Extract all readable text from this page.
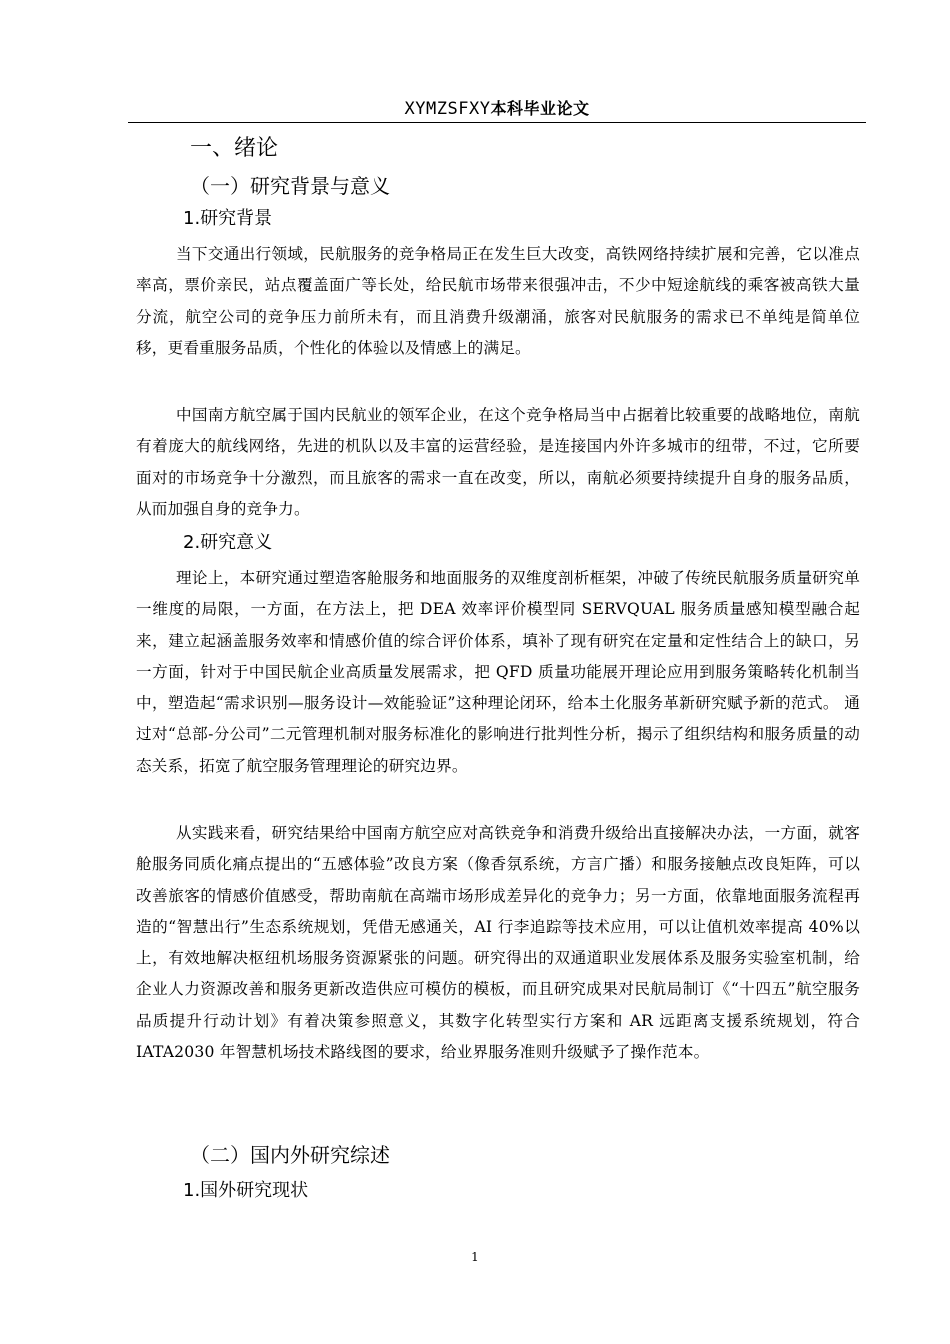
XYMZSFXY本科毕业论文
一、绪论
（一）研究背景与意义
1.研究背景

当下交通出行领域，民航服务的竞争格局正在发生巨大改变，高铁网络持续扩展和完善，它以准点率高，票价亲民，站点覆盖面广等长处，给民航市场带来很强冲击，不少中短途航线的乘客被高铁大量分流，航空公司的竞争压力前所未有，而且消费升级潮涌，旅客对民航服务的需求已不单纯是简单位移，更看重服务品质，个性化的体验以及情感上的满足。

中国南方航空属于国内民航业的领军企业，在这个竞争格局当中占据着比较重要的战略地位，南航有着庞大的航线网络，先进的机队以及丰富的运营经验，是连接国内外许多城市的纽带，不过，它所要面对的市场竞争十分激烈，而且旅客的需求一直在改变，所以，南航必须要持续提升自身的服务品质，从而加强自身的竞争力。

2.研究意义

理论上，本研究通过塑造客舱服务和地面服务的双维度剖析框架，冲破了传统民航服务质量研究单一维度的局限，一方面，在方法上，把 DEA 效率评价模型同 SERVQUAL 服务质量感知模型融合起来，建立起涵盖服务效率和情感价值的综合评价体系，填补了现有研究在定量和定性结合上的缺口，另一方面，针对于中国民航企业高质量发展需求，把 QFD 质量功能展开理论应用到服务策略转化机制当中，塑造起“需求识别—服务设计—效能验证”这种理论闭环，给本土化服务革新研究赋予新的范式。 通过对“总部-分公司”二元管理机制对服务标准化的影响进行批判性分析，揭示了组织结构和服务质量的动态关系，拓宽了航空服务管理理论的研究边界。

从实践来看，研究结果给中国南方航空应对高铁竞争和消费升级给出直接解决办法，一方面，就客舱服务同质化痛点提出的“五感体验”改良方案（像香氛系统，方言广播）和服务接触点改良矩阵，可以改善旅客的情感价值感受，帮助南航在高端市场形成差异化的竞争力；另一方面，依靠地面服务流程再造的“智慧出行”生态系统规划，凭借无感通关，AI 行李追踪等技术应用，可以让值机效率提高 40%以上，有效地解决枢纽机场服务资源紧张的问题。研究得出的双通道职业发展体系及服务实验室机制，给企业人力资源改善和服务更新改造供应可模仿的模板，而且研究成果对民航局制订《“十四五”航空服务品质提升行动计划》有着决策参照意义，其数字化转型实行方案和 AR 远距离支援系统规划，符合 IATA2030 年智慧机场技术路线图的要求，给业界服务准则升级赋予了操作范本。

（二）国内外研究综述
1.国外研究现状
1
